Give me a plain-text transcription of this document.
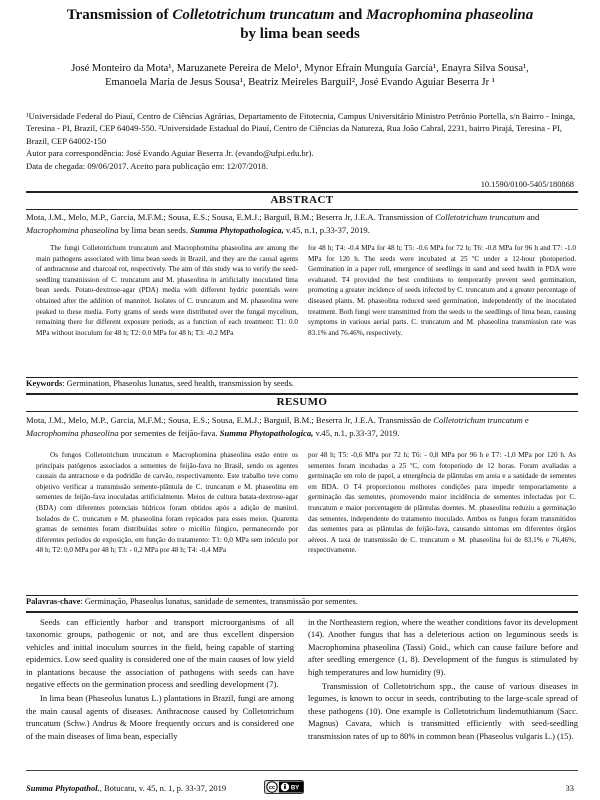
Transmission of Colletotrichum truncatum and Macrophomina phaseolina
by lima bean seeds
José Monteiro da Mota¹, Maruzanete Pereira de Melo¹, Mynor Efraín Munguía García¹, Enayra Silva Sousa¹,
Emanoela Maria de Jesus Sousa¹, Beatriz Meireles Barguil², José Evando Aguiar Beserra Jr ¹

¹Universidade Federal do Piauí, Centro de Ciências Agrárias, Departamento de Fitotecnia, Campus Universitário Ministro Petrônio Portella, s/n Bairro - Ininga, Teresina - PI, Brazil, CEP 64049-550. ²Universidade Estadual do Piauí, Centro de Ciências da Natureza, Rua João Cabral, 2231, bairro Pirajá, Teresina - PI, Brazil, CEP 64002-150

Autor para correspondência: José Evando Aguiar Beserra Jr. (evando@ufpi.edu.br).

Data de chegada: 09/06/2017. Aceito para publicação em: 12/07/2018.

10.1590/0100-5405/180868
ABSTRACT
Mota, J.M., Melo, M.P., Garcia, M.F.M.; Sousa, E.S.; Sousa, E.M.J.; Barguil, B.M.; Beserra Jr, J.E.A. Transmission of Colletotrichum truncatum and Macrophomina phaseolina by lima bean seeds. Summa Phytopathologica, v.45, n.1, p.33-37, 2019.

The fungi Colletotrichum truncatum and Macrophomina phaseolina are among the main pathogens associated with lima bean seeds in Brazil, and they are the causal agents of anthracnose and charcoal rot, respectively. The aim of this study was to verify the seed-seedling transmission of C. truncatum and M. phaseolina in artificially inoculated lima bean seeds. Potato-dextrose-agar (PDA) media with different hydric potentials were obtained after the addition of mannitol. Isolates of C. truncatum and M. phaseolina were peaked to these media. Forty grams of seeds were distributed over the fungal mycelium, remaining there for different exposure periods, as a function of each treatment: T1: 0.0 MPa without inoculum for 48 h; T2: 0.0 MPa for 48 h; T3: -0.2 MPa

for 48 h; T4: -0.4 MPa for 48 h; T5: -0.6 MPa for 72 h; T6: -0.8 MPa for 96 h and T7: -1.0 MPa for 120 h. The seeds were incubated at 25 ºC under a 12-hour photoperiod. Germination in a paper roll, emergence of seedlings in sand and seed health in PDA were evaluated. T4 provided the best conditions to temporarily prevent seed germination, promoting a greater incidence of seeds infected by C. truncatum and a greater percentage of diseased plants. M. phaseolina reduced seed germination, independently of the inoculated treatment. Both fungi were transmitted from the seeds to the seedlings of lima bean, causing symptoms in various aerial parts. C. truncatum and M. phaseolina transmission rate was 83.1% and 76.46%, respectively.

Keywords: Germination, Phaseolus lunatus, seed health, transmission by seeds.
RESUMO
Mota, J.M., Melo, M.P., Garcia, M.F.M.; Sousa, E.S.; Sousa, E.M.J.; Barguil, B.M.; Beserra Jr, J.E.A. Transmissão de Colletotrichum truncatum e Macrophomina phaseolina por sementes de feijão-fava. Summa Phytopathologica, v.45, n.1, p.33-37, 2019.

Os fungos Colletotrichum truncatum e Macrophomina phaseolina estão entre os principais patógenos associados a sementes de feijão-fava no Brasil, sendo os agentes causais da antracnose e da podridão de carvão, respectivamente. Este trabalho teve como objetivo verificar a transmissão semente-plântula de C. truncatum e M. phaseolina em sementes de feijão-fava inoculadas artificialmente. Meios de cultura batata-dextrose-agar (BDA) com diferentes potenciais hídricos foram obtidos após a adição de manitol. Isolados de C. truncatum e M. phaseolina foram repicados para esses meios. Quarenta gramas de sementes foram distribuídas sobre o micélio fúngico, permanecendo por diferentes períodos de exposição, em função do tratamento: T1: 0,0 MPa sem inóculo por 48 h; T2: 0,0 MPa por 48 h; T3: - 0,2 MPa por 48 h; T4: -0,4 MPa

por 48 h; T5: -0,6 MPa por 72 h; T6: - 0,8 MPa por 96 h e T7: -1,0 MPa por 120 h. As sementes foram incubadas a 25 ºC, com fotoperíodo de 12 horas. Foram avaliadas a germinação em rolo de papel, a emergência de plântulas em areia e a sanidade de sementes em BDA. O T4 proporcionou melhores condições para impedir temporariamente a germinação das sementes, promovendo maior incidência de sementes infectadas por C. truncatum e maior porcentagem de plântulas doentes. M. phaseolina reduziu a germinação das sementes, independente do tratamento inoculado. Ambos os fungos foram transmitidos das sementes para as plântulas de feijão-fava, causando sintomas em diferentes órgãos aéreos. A taxa de transmissão de C. truncatum e M. phaseolina foi de 83,1% e 76,46%, respectivamente.

Palavras-chave: Germinação, Phaseolus lunatus, sanidade de sementes, transmissão por sementes.

Seeds can efficiently harbor and transport microorganisms of all taxonomic groups, pathogenic or not, and are thus excellent dispersion vehicles and initial inoculum sources in the field, being capable of starting epidemics. Low seed quality is considered one of the main causes of low yield in plantations because the association of pathogens with seeds can have negative effects on the germination process and seedling development (7).

In lima bean (Phaseolus lunatus L.) plantations in Brazil, fungi are among the main causal agents of diseases. Anthracnose caused by Colletotrichum truncatum (Schw.) Andrus & Moore frequently occurs and is considered one of the main diseases of lima bean, especially

in the Northeastern region, where the weather conditions favor its development (14). Another fungus that has a deleterious action on leguminous seeds is Macrophomina phaseolina (Tassi) Goid., which can cause failure before and after seedling emergence (1, 8). Development of the fungus is stimulated by high temperatures and low humidity (9).

Transmission of Colletotrichum spp., the cause of various diseases in legumes, is known to occur in seeds, contributing to the large-scale spread of these pathogens (10). One example is Colletotrichum lindemuthianum (Sacc. Magnus) Cavara, which is transmitted efficiently with seed-seedling transmission rates of up to 80% in common bean (Phaseolus vulgaris L.) (15).

Summa Phytopathol., Botucatu, v. 45, n. 1, p. 33-37, 2019	cc	BY	33
